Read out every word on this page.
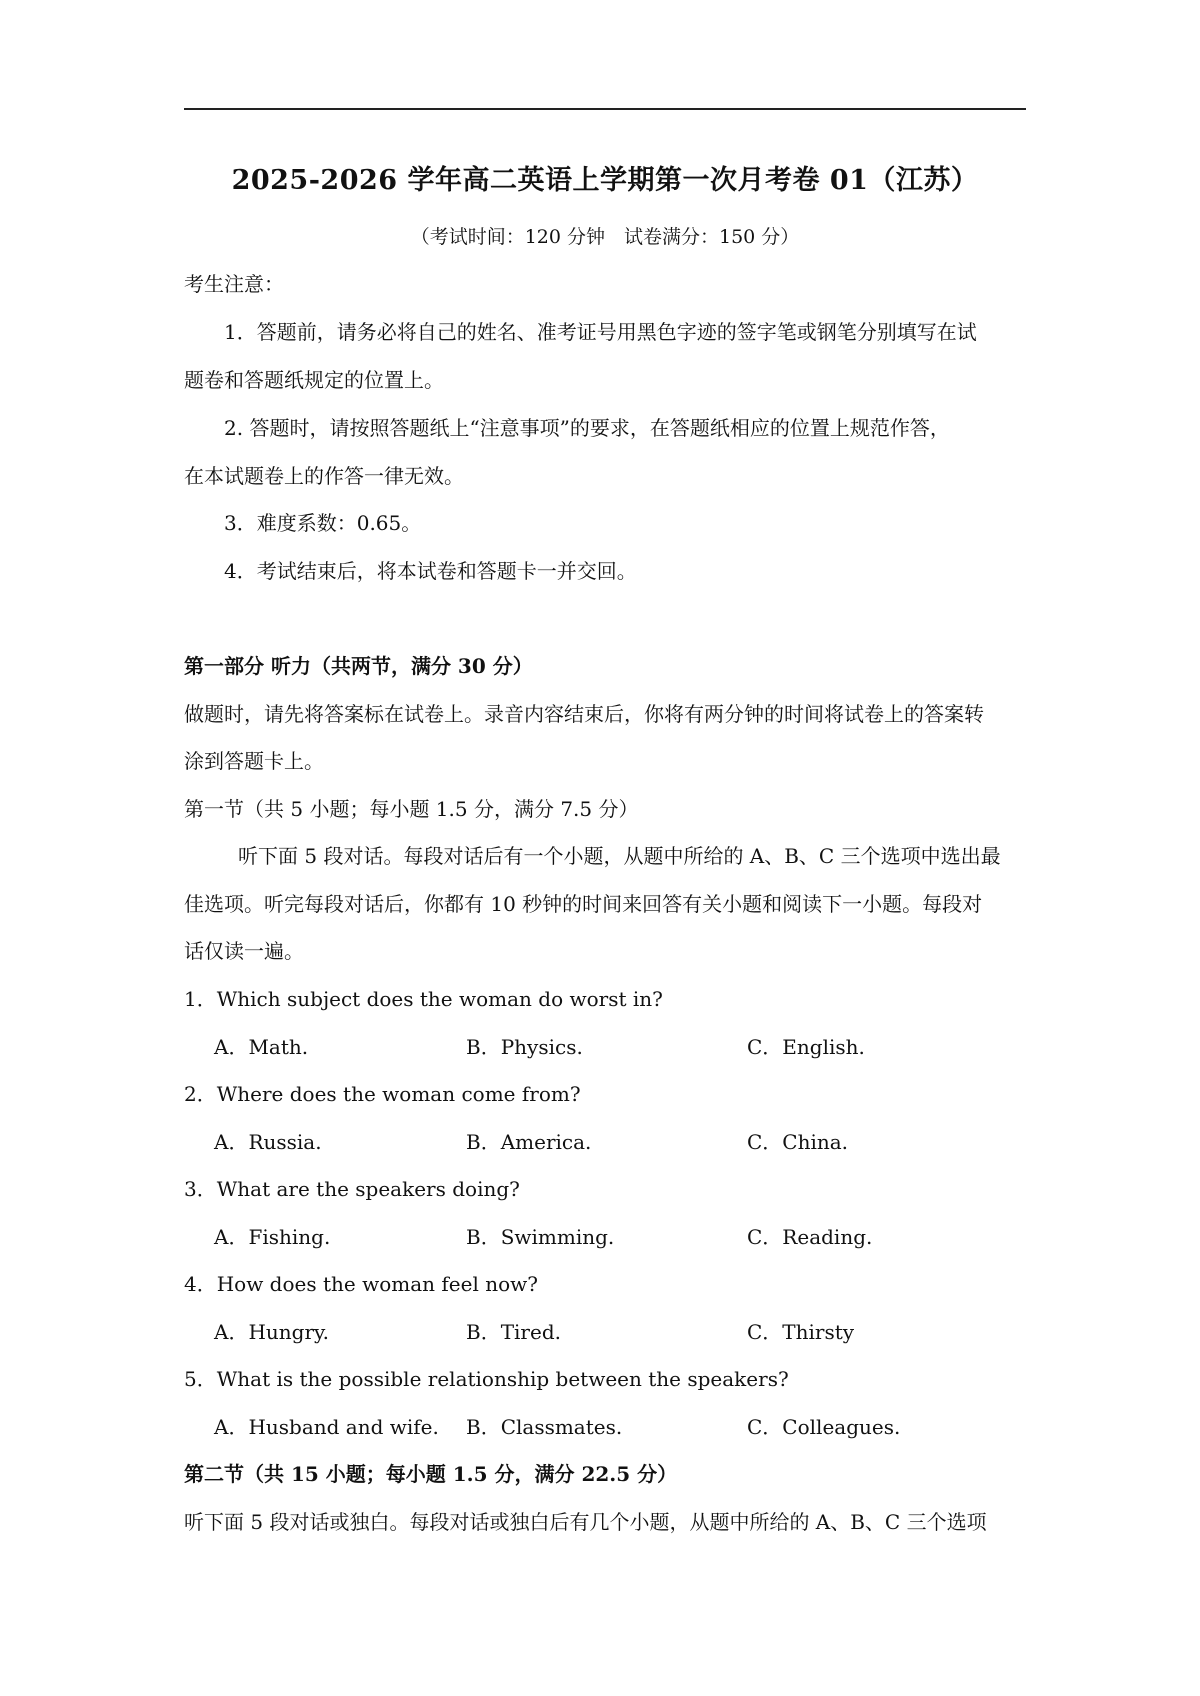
2025-2026 学年高二英语上学期第一次月考卷 01（江苏）
（考试时间：120 分钟　试卷满分：150 分）
考生注意：
1．答题前，请务必将自己的姓名、准考证号用黑色字迹的签字笔或钢笔分别填写在试
题卷和答题纸规定的位置上。
2. 答题时，请按照答题纸上“注意事项”的要求，在答题纸相应的位置上规范作答，
在本试题卷上的作答一律无效。
3．难度系数：0.65。
4．考试结束后，将本试卷和答题卡一并交回。
第一部分 听力（共两节，满分 30 分）
做题时，请先将答案标在试卷上。录音内容结束后，你将有两分钟的时间将试卷上的答案转
涂到答题卡上。
第一节（共 5 小题；每小题 1.5 分，满分 7.5 分）
听下面 5 段对话。每段对话后有一个小题，从题中所给的 A、B、C 三个选项中选出最
佳选项。听完每段对话后，你都有 10 秒钟的时间来回答有关小题和阅读下一小题。每段对
话仅读一遍。
1．Which subject does the woman do worst in?
A．Math.	B．Physics.	C．English.
2．Where does the woman come from?
A．Russia.	B．America.	C．China.
3．What are the speakers doing?
A．Fishing.	B．Swimming.	C．Reading.
4．How does the woman feel now?
A．Hungry.	B．Tired.	C．Thirsty
5．What is the possible relationship between the speakers?
A．Husband and wife. B．Classmates.	C．Colleagues.
第二节（共 15 小题；每小题 1.5 分，满分 22.5 分）
听下面 5 段对话或独白。每段对话或独白后有几个小题，从题中所给的 A、B、C 三个选项
